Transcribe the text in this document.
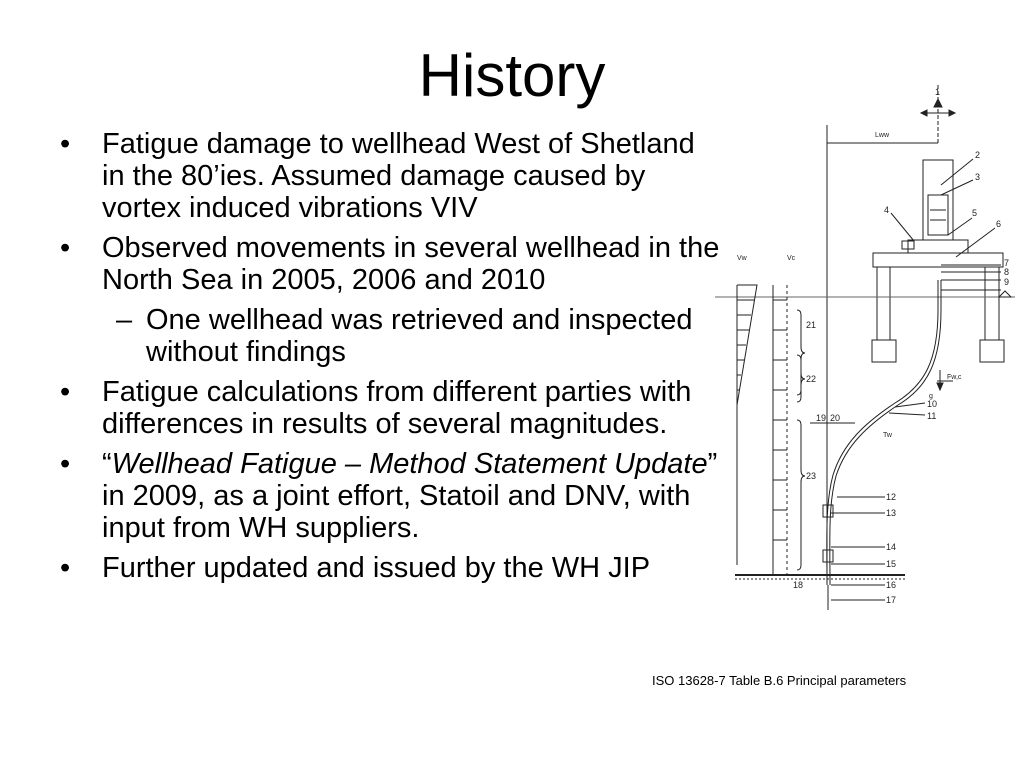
History
• Fatigue damage to wellhead West of Shetland in the 80’ies. Assumed damage caused by vortex induced vibrations VIV
• Observed movements in several wellhead in the North Sea in 2005, 2006 and 2010
– One wellhead was retrieved and inspected without findings
• Fatigue calculations from different parties with differences in results of several magnitudes.
• “Wellhead Fatigue – Method Statement Update” in 2009, as a joint effort, Statoil and DNV, with input from WH suppliers.
• Further updated and issued by the WH JIP
1
2
3
4	5
6
7
8
9
10
11
12
13
14
15
16
17
18
19 20
21
22
23
Lww
Vw	Vc
Fw,c
g
Tw
ISO 13628-7 Table B.6 Principal parameters
